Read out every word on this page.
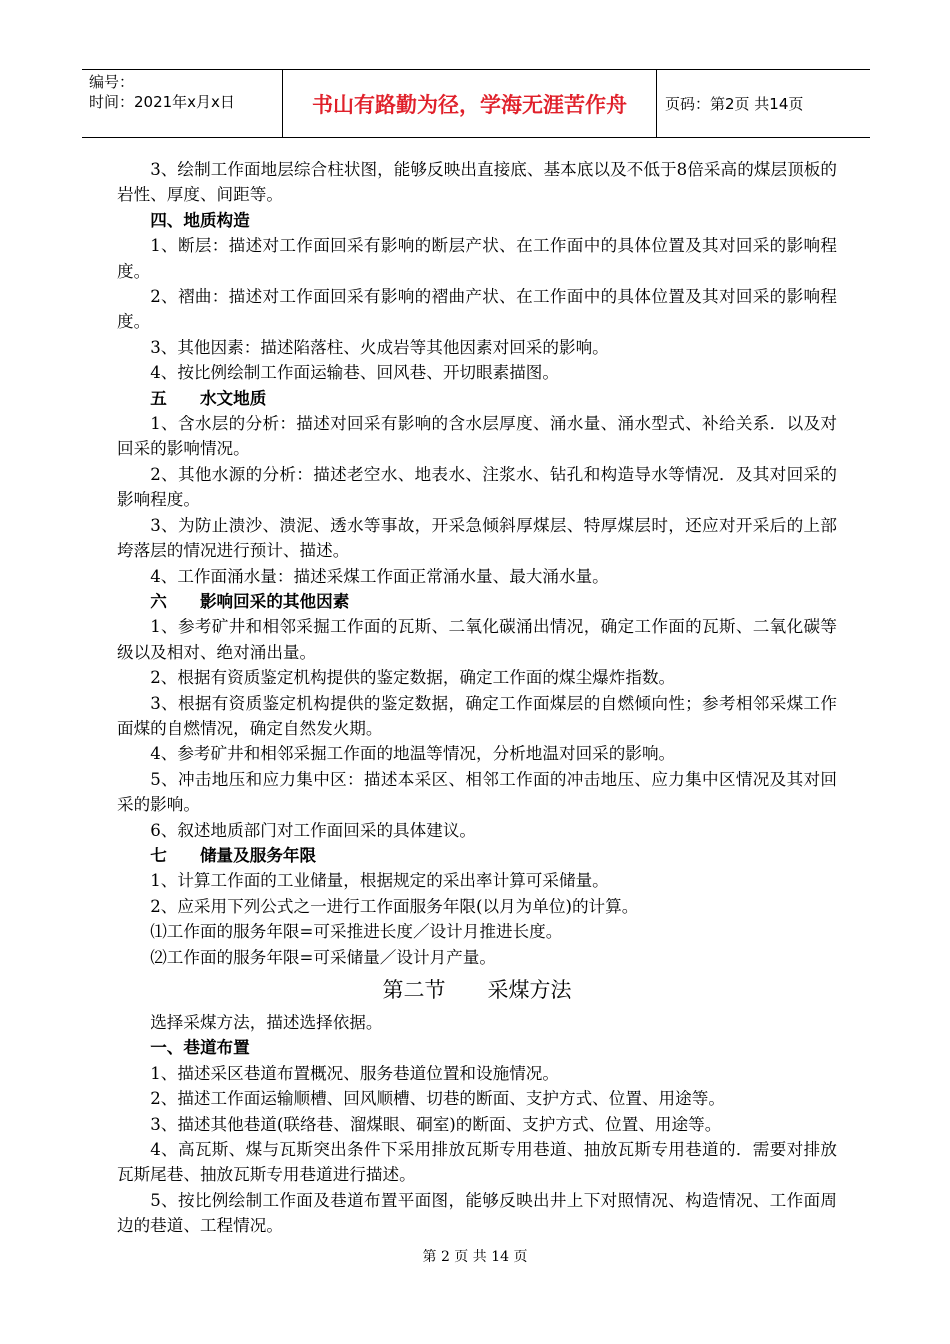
编号：
时间：2021年x月x日	书山有路勤为径，学海无涯苦作舟	页码：第2页 共14页

3、绘制工作面地层综合柱状图，能够反映出直接底、基本底以及不低于8倍采高的煤层顶板的岩性、厚度、间距等。

四、地质构造

1、断层：描述对工作面回采有影响的断层产状、在工作面中的具体位置及其对回采的影响程度。

2、褶曲：描述对工作面回采有影响的褶曲产状、在工作面中的具体位置及其对回采的影响程度。

3、其他因素：描述陷落柱、火成岩等其他因素对回采的影响。

4、按比例绘制工作面运输巷、回风巷、开切眼素描图。

五　　水文地质

1、含水层的分析：描述对回采有影响的含水层厚度、涌水量、涌水型式、补给关系．以及对回采的影响情况。

2、其他水源的分析：描述老空水、地表水、注浆水、钻孔和构造导水等情况．及其对回采的影响程度。

3、为防止溃沙、溃泥、透水等事故，开采急倾斜厚煤层、特厚煤层时，还应对开采后的上部垮落层的情况进行预计、描述。

4、工作面涌水量：描述采煤工作面正常涌水量、最大涌水量。

六　　影响回采的其他因素

1、参考矿井和相邻采掘工作面的瓦斯、二氧化碳涌出情况，确定工作面的瓦斯、二氧化碳等级以及相对、绝对涌出量。

2、根据有资质鉴定机构提供的鉴定数据，确定工作面的煤尘爆炸指数。

3、根据有资质鉴定机构提供的鉴定数据，确定工作面煤层的自燃倾向性；参考相邻采煤工作面煤的自燃情况，确定自然发火期。

4、参考矿井和相邻采掘工作面的地温等情况，分析地温对回采的影响。

5、冲击地压和应力集中区：描述本采区、相邻工作面的冲击地压、应力集中区情况及其对回采的影响。

6、叙述地质部门对工作面回采的具体建议。

七　　储量及服务年限

1、计算工作面的工业储量，根据规定的采出率计算可采储量。

2、应采用下列公式之一进行工作面服务年限(以月为单位)的计算。

⑴工作面的服务年限=可采推进长度／设计月推进长度。

⑵工作面的服务年限=可采储量／设计月产量。

第二节 采煤方法

选择采煤方法，描述选择依据。

一、巷道布置

1、描述采区巷道布置概况、服务巷道位置和设施情况。

2、描述工作面运输顺槽、回风顺槽、切巷的断面、支护方式、位置、用途等。

3、描述其他巷道(联络巷、溜煤眼、硐室)的断面、支护方式、位置、用途等。

4、高瓦斯、煤与瓦斯突出条件下采用排放瓦斯专用巷道、抽放瓦斯专用巷道的．需要对排放瓦斯尾巷、抽放瓦斯专用巷道进行描述。

5、按比例绘制工作面及巷道布置平面图，能够反映出井上下对照情况、构造情况、工作面周边的巷道、工程情况。

第 2 页 共 14 页
